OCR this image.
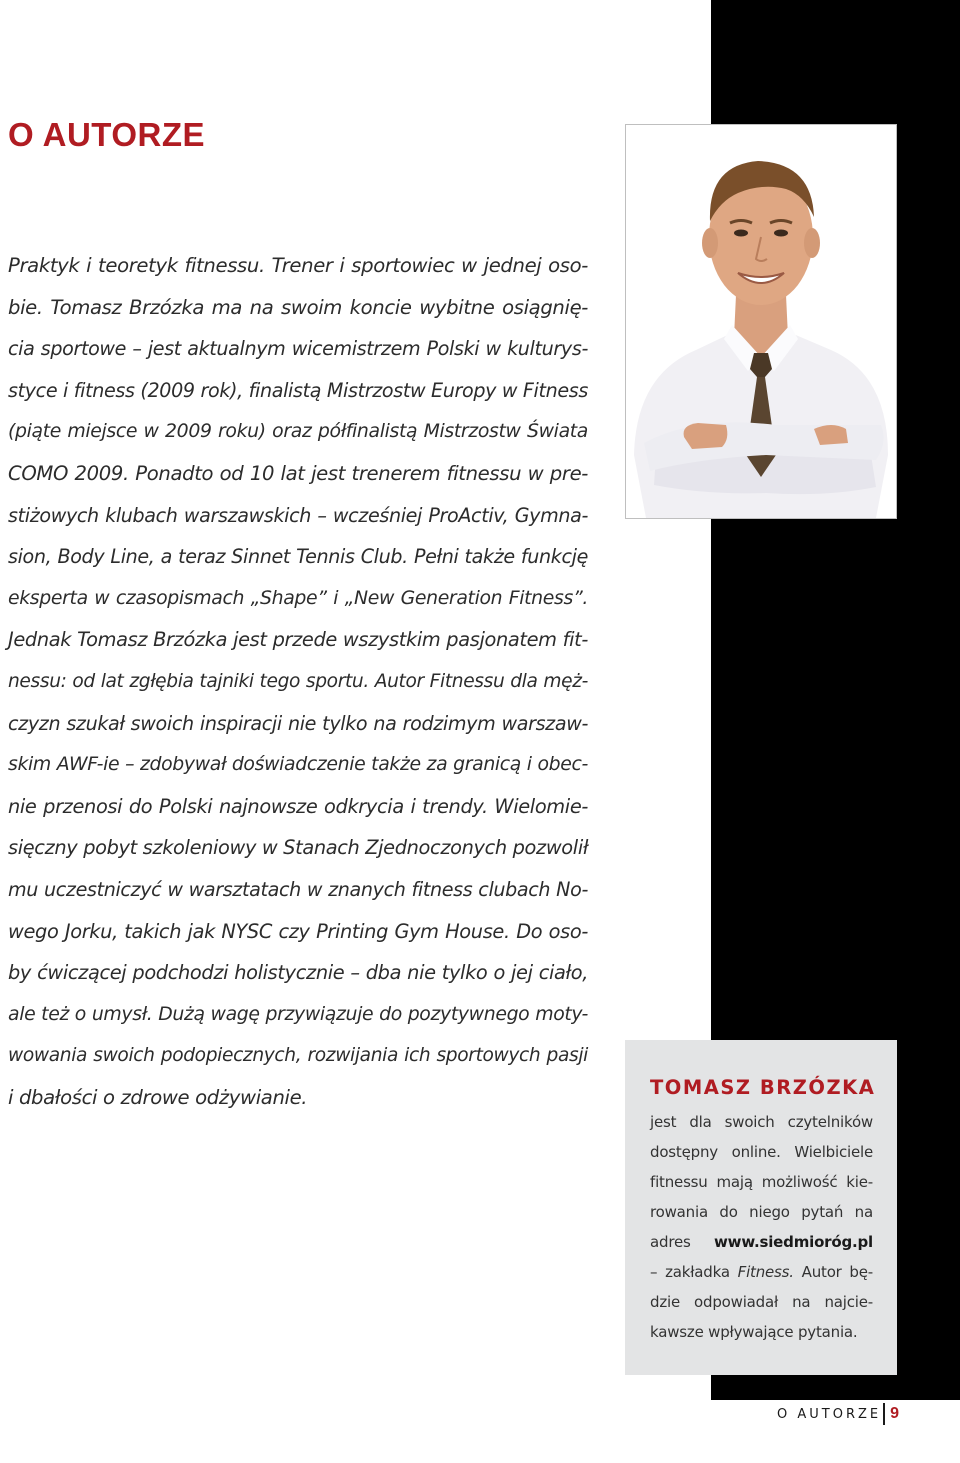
O AUTORZE
Praktyk i teoretyk fitnessu. Trener i sportowiec w jednej oso-
bie. Tomasz Brzózka ma na swoim koncie wybitne osiągnię-
cia sportowe – jest aktualnym wicemistrzem Polski w kulturys-
styce i fitness (2009 rok), finalistą Mistrzostw Europy w Fitness
(piąte miejsce w 2009 roku) oraz półfinalistą Mistrzostw Świata
COMO 2009. Ponadto od 10 lat jest trenerem fitnessu w pre-
stiżowych klubach warszawskich – wcześniej ProActiv, Gymna-
sion, Body Line, a teraz Sinnet Tennis Club. Pełni także funkcję
eksperta w czasopismach „Shape” i „New Generation Fitness”.
Jednak Tomasz Brzózka jest przede wszystkim pasjonatem fit-
nessu: od lat zgłębia tajniki tego sportu. Autor Fitnessu dla męż-
czyzn szukał swoich inspiracji nie tylko na rodzimym warszaw-
skim AWF-ie – zdobywał doświadczenie także za granicą i obec-
nie przenosi do Polski najnowsze odkrycia i trendy. Wielomie-
sięczny pobyt szkoleniowy w Stanach Zjednoczonych pozwolił
mu uczestniczyć w warsztatach w znanych fitness clubach No-
wego Jorku, takich jak NYSC czy Printing Gym House. Do oso-
by ćwiczącej podchodzi holistycznie – dba nie tylko o jej ciało,
ale też o umysł. Dużą wagę przywiązuje do pozytywnego moty-
wowania swoich podopiecznych, rozwijania ich sportowych pasji
i dbałości o zdrowe odżywianie.	TOMASZ BRZÓZKA
jest dla swoich czytelników
dostępny online. Wielbiciele
fitnessu mają możliwość kie-
rowania do niego pytań na
adres www.siedmioróg.pl
– zakładka Fitness. Autor bę-
dzie odpowiadał na najcie-
kawsze wpływające pytania.
O AUTORZE 9
